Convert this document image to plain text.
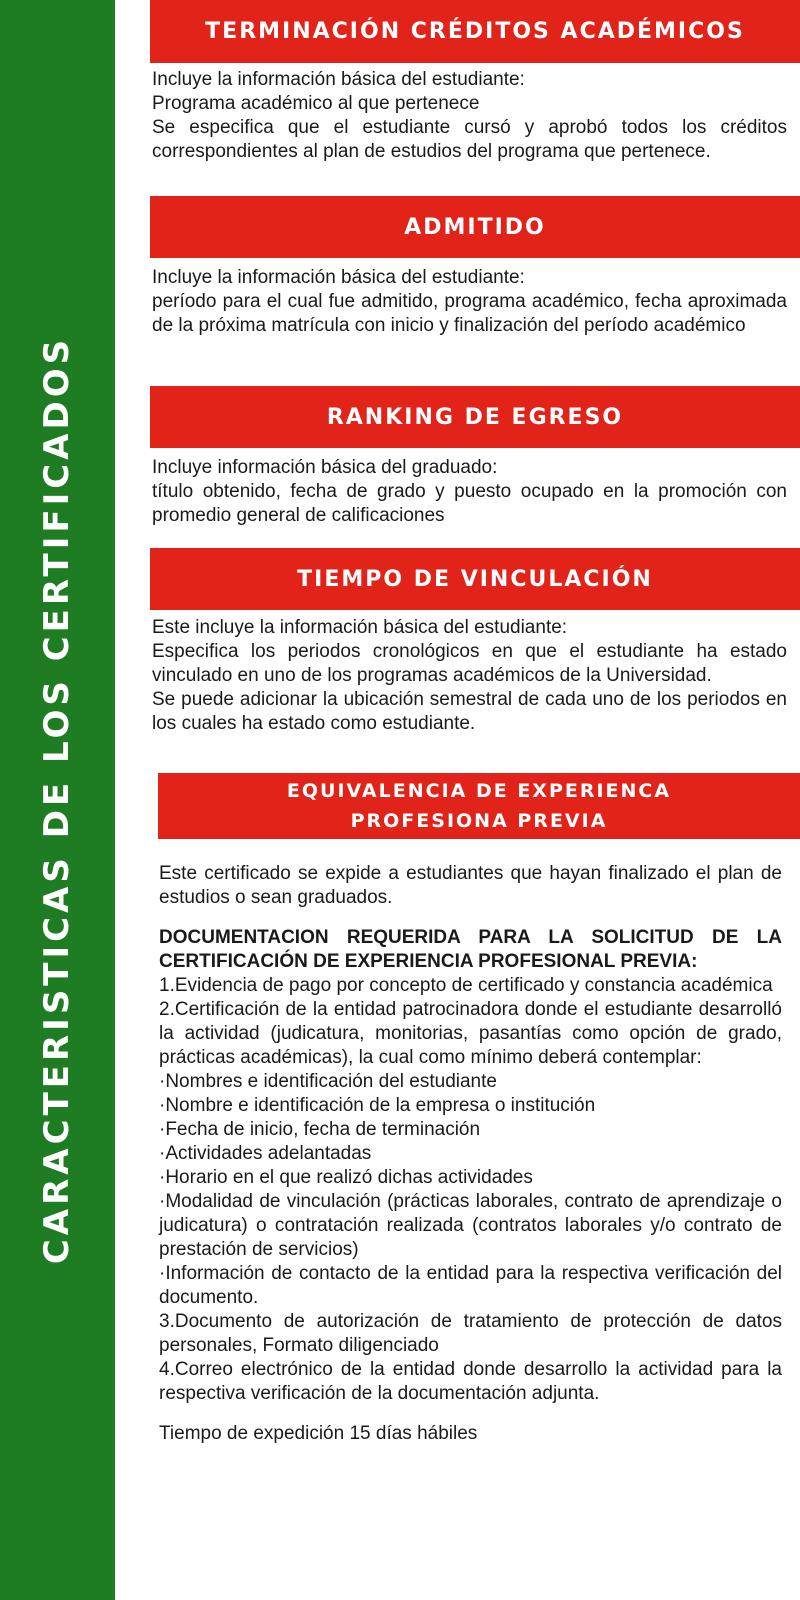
CARACTERISTICAS DE LOS CERTIFICADOS
TERMINACIÓN CRÉDITOS ACADÉMICOS

Incluye la información básica del estudiante:

Programa académico al que pertenece

Se especifica que el estudiante cursó y aprobó todos los créditos correspondientes al plan de estudios del programa que pertenece.

ADMITIDO

Incluye la información básica del estudiante:

período para el cual fue admitido, programa académico, fecha aproximada de la próxima matrícula con inicio y finalización del período académico

RANKING DE EGRESO

Incluye información básica del graduado:

título obtenido, fecha de grado y puesto ocupado en la promoción con promedio general de calificaciones

TIEMPO DE VINCULACIÓN

Este incluye la información básica del estudiante:

Especifica los periodos cronológicos en que el estudiante ha estado vinculado en uno de los programas académicos de la Universidad.

Se puede adicionar la ubicación semestral de cada uno de los periodos en los cuales ha estado como estudiante.

EQUIVALENCIA DE EXPERIENCA
PROFESIONA PREVIA

Este certificado se expide a estudiantes que hayan finalizado el plan de estudios o sean graduados.

DOCUMENTACION REQUERIDA PARA LA SOLICITUD DE LA CERTIFICACIÓN DE EXPERIENCIA PROFESIONAL PREVIA:

1.Evidencia de pago por concepto de certificado y constancia académica

2.Certificación de la entidad patrocinadora donde el estudiante desarrolló la actividad (judicatura, monitorias, pasantías como opción de grado, prácticas académicas), la cual como mínimo deberá contemplar:

·Nombres e identificación del estudiante

·Nombre e identificación de la empresa o institución

·Fecha de inicio, fecha de terminación

·Actividades adelantadas

·Horario en el que realizó dichas actividades

·Modalidad de vinculación (prácticas laborales, contrato de aprendizaje o judicatura) o contratación realizada (contratos laborales y/o contrato de prestación de servicios)

·Información de contacto de la entidad para la respectiva verificación del documento.

3.Documento de autorización de tratamiento de protección de datos personales, Formato diligenciado

4.Correo electrónico de la entidad donde desarrollo la actividad para la respectiva verificación de la documentación adjunta.

Tiempo de expedición 15 días hábiles
